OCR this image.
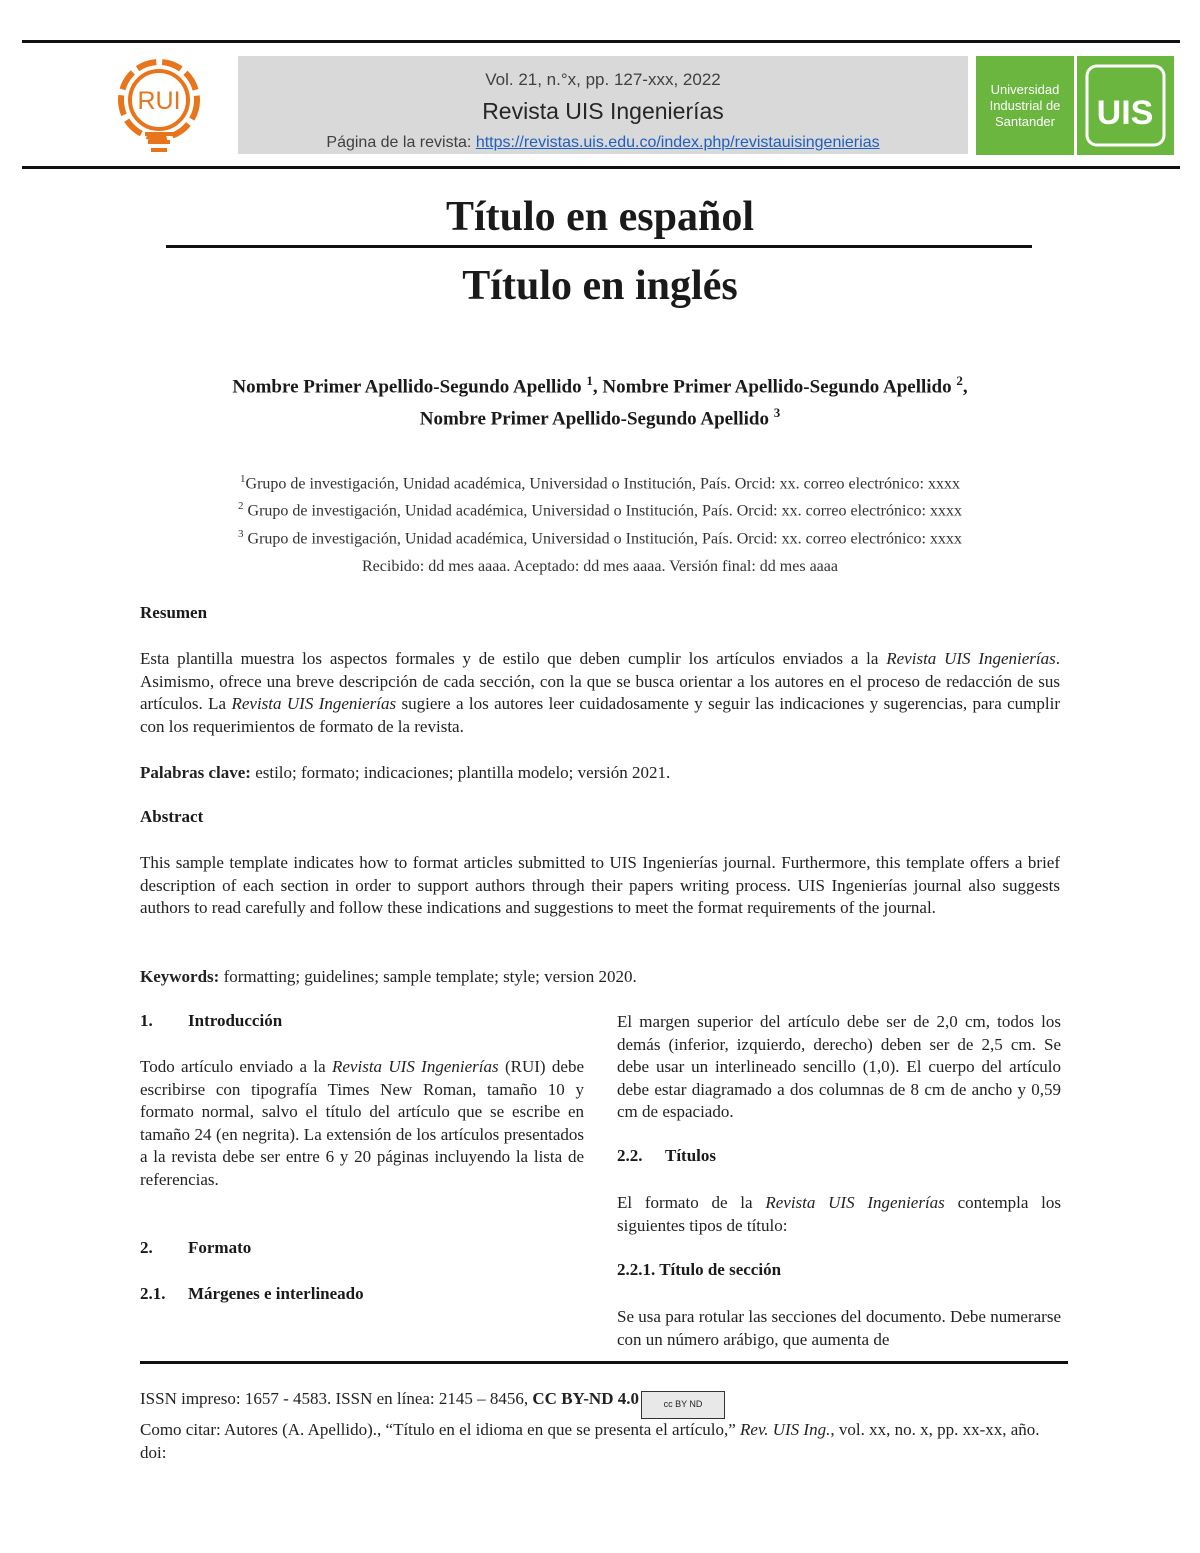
RUI
Vol. 21, n.°x, pp. 127-xxx, 2022
Revista UIS Ingenierías
Página de la revista: https://revistas.uis.edu.co/index.php/revistauisingenierias
Universidad
Industrial de
Santander	UIS
Título en español
Título en inglés
Nombre Primer Apellido-Segundo Apellido $^1$, Nombre Primer Apellido-Segundo Apellido $^2$,
Nombre Primer Apellido-Segundo Apellido $^3$
$^1$Grupo de investigación, Unidad académica, Universidad o Institución, País. Orcid: xx. correo electrónico: xxxx
$^2$ Grupo de investigación, Unidad académica, Universidad o Institución, País. Orcid: xx. correo electrónico: xxxx
$^3$ Grupo de investigación, Unidad académica, Universidad o Institución, País. Orcid: xx. correo electrónico: xxxx
Recibido: dd mes aaaa. Aceptado: dd mes aaaa. Versión final: dd mes aaaa
Resumen
Esta plantilla muestra los aspectos formales y de estilo que deben cumplir los artículos enviados a la Revista UIS Ingenierías. Asimismo, ofrece una breve descripción de cada sección, con la que se busca orientar a los autores en el proceso de redacción de sus artículos. La Revista UIS Ingenierías sugiere a los autores leer cuidadosamente y seguir las indicaciones y sugerencias, para cumplir con los requerimientos de formato de la revista.
Palabras clave: estilo; formato; indicaciones; plantilla modelo; versión 2021.
Abstract
This sample template indicates how to format articles submitted to UIS Ingenierías journal. Furthermore, this template offers a brief description of each section in order to support authors through their papers writing process. UIS Ingenierías journal also suggests authors to read carefully and follow these indications and suggestions to meet the format requirements of the journal.
Keywords: formatting; guidelines; sample template; style; version 2020.
1. Introducción
Todo artículo enviado a la Revista UIS Ingenierías (RUI) debe escribirse con tipografía Times New Roman, tamaño 10 y formato normal, salvo el título del artículo que se escribe en tamaño 24 (en negrita). La extensión de los artículos presentados a la revista debe ser entre 6 y 20 páginas incluyendo la lista de referencias.
2. Formato
2.1. Márgenes e interlineado
El margen superior del artículo debe ser de 2,0 cm, todos los demás (inferior, izquierdo, derecho) deben ser de 2,5 cm. Se debe usar un interlineado sencillo (1,0). El cuerpo del artículo debe estar diagramado a dos columnas de 8 cm de ancho y 0,59 cm de espaciado.
2.2. Títulos
El formato de la Revista UIS Ingenierías contempla los siguientes tipos de título:
2.2.1. Título de sección
Se usa para rotular las secciones del documento. Debe numerarse con un número arábigo, que aumenta de
ISSN impreso: 1657 - 4583. ISSN en línea: 2145 – 8456, CC BY-ND 4.0	cc BY ND
Como citar: Autores (A. Apellido)., “Título en el idioma en que se presenta el artículo,” Rev. UIS Ing., vol. xx, no. x, pp. xx-xx, año. doi:
